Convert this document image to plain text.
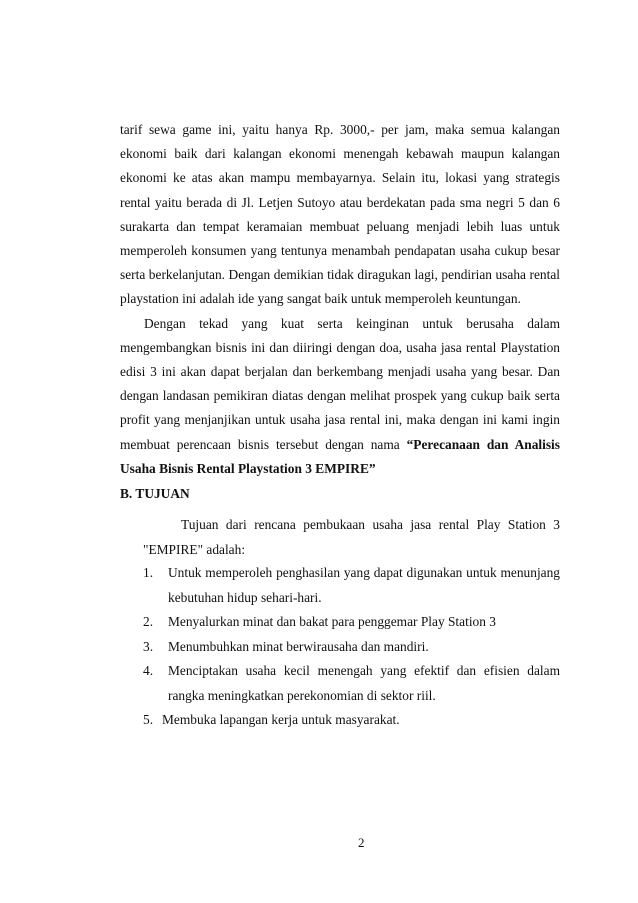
tarif sewa game ini, yaitu hanya Rp. 3000,- per jam, maka semua kalangan ekonomi baik dari kalangan ekonomi menengah kebawah maupun kalangan ekonomi ke atas akan mampu membayarnya. Selain itu, lokasi yang strategis rental yaitu berada di Jl. Letjen Sutoyo atau berdekatan pada sma negri 5 dan 6 surakarta dan tempat keramaian membuat peluang menjadi lebih luas untuk memperoleh konsumen yang tentunya menambah pendapatan usaha cukup besar serta berkelanjutan. Dengan demikian tidak diragukan lagi, pendirian usaha rental playstation ini adalah ide yang sangat baik untuk memperoleh keuntungan.

Dengan tekad yang kuat serta keinginan untuk berusaha dalam mengembangkan bisnis ini dan diiringi dengan doa, usaha jasa rental Playstation edisi 3 ini akan dapat berjalan dan berkembang menjadi usaha yang besar. Dan dengan landasan pemikiran diatas dengan melihat prospek yang cukup baik serta profit yang menjanjikan untuk usaha jasa rental ini, maka dengan ini kami ingin membuat perencaan bisnis tersebut dengan nama “Perecanaan dan Analisis Usaha Bisnis Rental Playstation 3 EMPIRE”

B. TUJUAN

Tujuan dari rencana pembukaan usaha jasa rental Play Station 3 "EMPIRE" adalah:

1. Untuk memperoleh penghasilan yang dapat digunakan untuk menunjang kebutuhan hidup sehari-hari.
2. Menyalurkan minat dan bakat para penggemar Play Station 3
3. Menumbuhkan minat berwirausaha dan mandiri.
4. Menciptakan usaha kecil menengah yang efektif dan efisien dalam rangka meningkatkan perekonomian di sektor riil.
5. Membuka lapangan kerja untuk masyarakat.
2
